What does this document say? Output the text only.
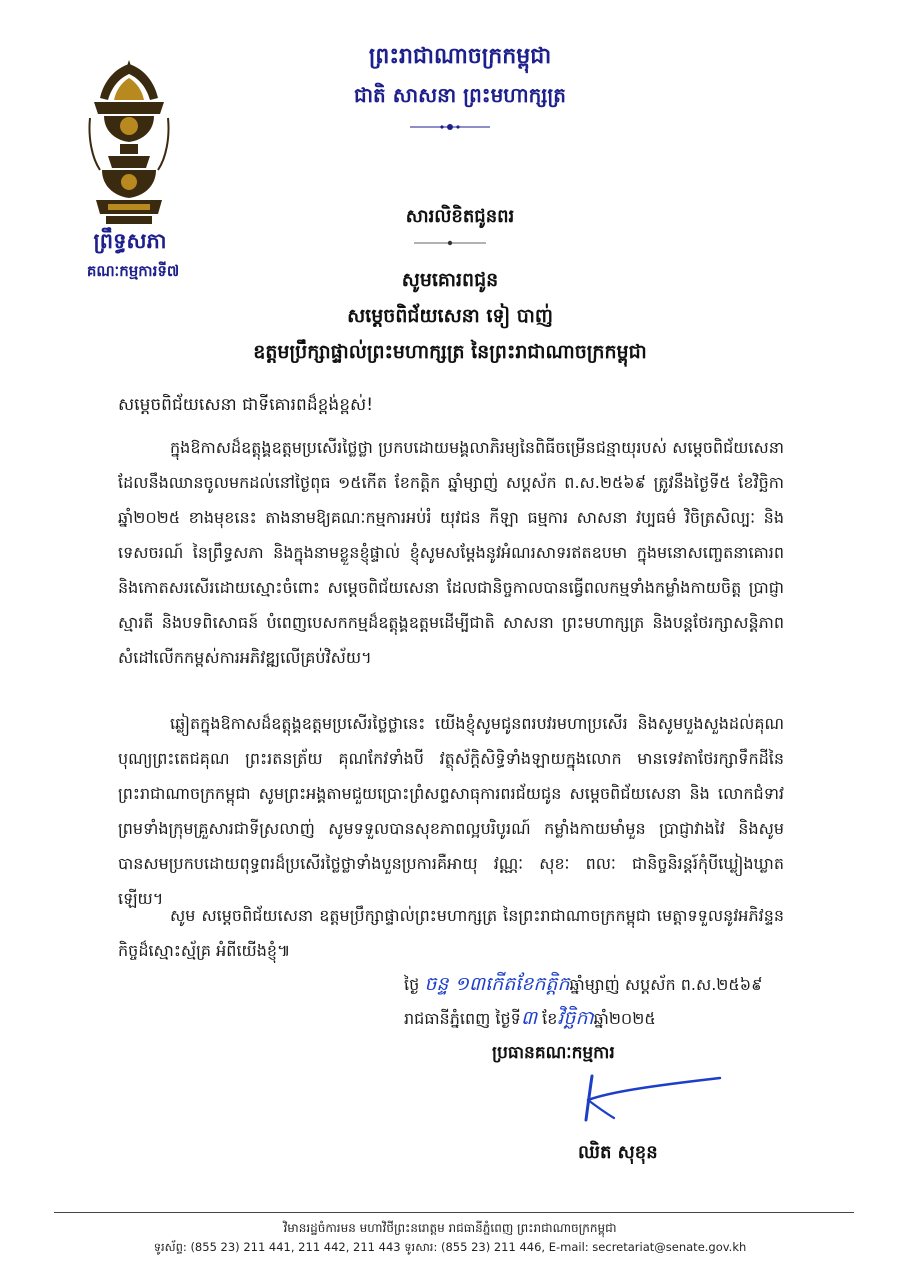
ព្រឹទ្ធសភា
គណៈកម្មការទី៧
ព្រះរាជាណាចក្រកម្ពុជា
ជាតិ សាសនា ព្រះមហាក្សត្រ
សារលិខិតជូនពរ
សូមគោរពជូន
សម្តេចពិជ័យសេនា ទៀ បាញ់
ឧត្តមប្រឹក្សាផ្ទាល់ព្រះមហាក្សត្រ នៃព្រះរាជាណាចក្រកម្ពុជា
សម្តេចពិជ័យសេនា ជាទីគោរពដ៏ខ្ពង់ខ្ពស់!
ក្នុងឱកាសដ៏ឧត្តុង្គឧត្តមប្រសើរថ្លៃថ្លា ប្រកបដោយមង្គលាភិរម្យនៃពិធីចម្រើនជន្មាយុរបស់ សម្តេចពិជ័យសេនា ដែលនឹងឈានចូលមកដល់នៅថ្ងៃពុធ ១៥កើត ខែកត្តិក ឆ្នាំម្សាញ់ សប្តស័ក ព.ស.២៥៦៩ ត្រូវនឹងថ្ងៃទី៥ ខែវិច្ឆិកា ឆ្នាំ២០២៥ ខាងមុខនេះ តាងនាមឱ្យគណៈកម្មការអប់រំ យុវជន កីឡា ធម្មការ សាសនា វប្បធម៌ វិចិត្រសិល្បៈ និងទេសចរណ៍ នៃព្រឹទ្ធសភា និងក្នុងនាមខ្លួនខ្ញុំផ្ទាល់ ខ្ញុំសូមសម្តែងនូវអំណរសាទរឥតឧបមា ក្នុងមនោសញ្ចេតនាគោរពនិងកោតសរសើរដោយស្មោះចំពោះ សម្តេចពិជ័យសេនា ដែលជានិច្ចកាលបានធ្វើពលកម្មទាំងកម្លាំងកាយចិត្ត ប្រាជ្ញាស្មារតី និងបទពិសោធន៍ បំពេញបេសកកម្មដ៏ឧត្តុង្គឧត្តមដើម្បីជាតិ សាសនា ព្រះមហាក្សត្រ និងបន្តថែរក្សាសន្តិភាព សំដៅលើកកម្ពស់ការអភិវឌ្ឍលើគ្រប់វិស័យ។
ឆ្លៀតក្នុងឱកាសដ៏ឧត្តុង្គឧត្តមប្រសើរថ្លៃថ្លានេះ យើងខ្ញុំសូមជូនពរបវរមហាប្រសើរ និងសូមបួងសួងដល់គុណបុណ្យព្រះតេជគុណ ព្រះរតនត្រ័យ គុណកែវទាំងបី វត្ថុស័ក្តិសិទ្ធិទាំងឡាយក្នុងលោក មានទេវតាថែរក្សាទឹកដីនៃព្រះរាជាណាចក្រកម្ពុជា សូមព្រះអង្គតាមជួយប្រោះព្រំសព្ទសាធុការពរជ័យជូន សម្តេចពិជ័យសេនា និង លោកជំទាវ ព្រមទាំងក្រុមគ្រួសារជាទីស្រលាញ់ សូមទទួលបានសុខភាពល្អបរិបូរណ៍ កម្លាំងកាយមាំមួន ប្រាជ្ញាវាងវៃ និងសូមបានសមប្រកបដោយពុទ្ធពរដ៏ប្រសើរថ្លៃថ្លាទាំងបួនប្រការគឺអាយុ វណ្ណៈ សុខៈ ពលៈ ជានិច្ចនិរន្តរ៍កុំបីឃ្លៀងឃ្លាតឡើយ។
សូម សម្តេចពិជ័យសេនា ឧត្តមប្រឹក្សាផ្ទាល់ព្រះមហាក្សត្រ នៃព្រះរាជាណាចក្រកម្ពុជា មេត្តាទទួលនូវអភិវន្ទនកិច្ចដ៏ស្មោះស្ម័គ្រ អំពីយើងខ្ញុំ៕
ថ្ងៃ ចន្ទ ១៣កើតខែកត្តិកឆ្នាំម្សាញ់ សប្តស័ក ព.ស.២៥៦៩
រាជធានីភ្នំពេញ ថ្ងៃទី៣ ខែវិច្ឆិកាឆ្នាំ២០២៥
ប្រធានគណៈកម្មការ
ឈិត សុខុន
វិមានរដ្ឋចំការមន មហាវិថីព្រះនរោត្តម រាជធានីភ្នំពេញ ព្រះរាជាណាចក្រកម្ពុជា
ទូរស័ព្ទ: (855 23) 211 441, 211 442, 211 443 ទូរសារ: (855 23) 211 446, E-mail: secretariat@senate.gov.kh
